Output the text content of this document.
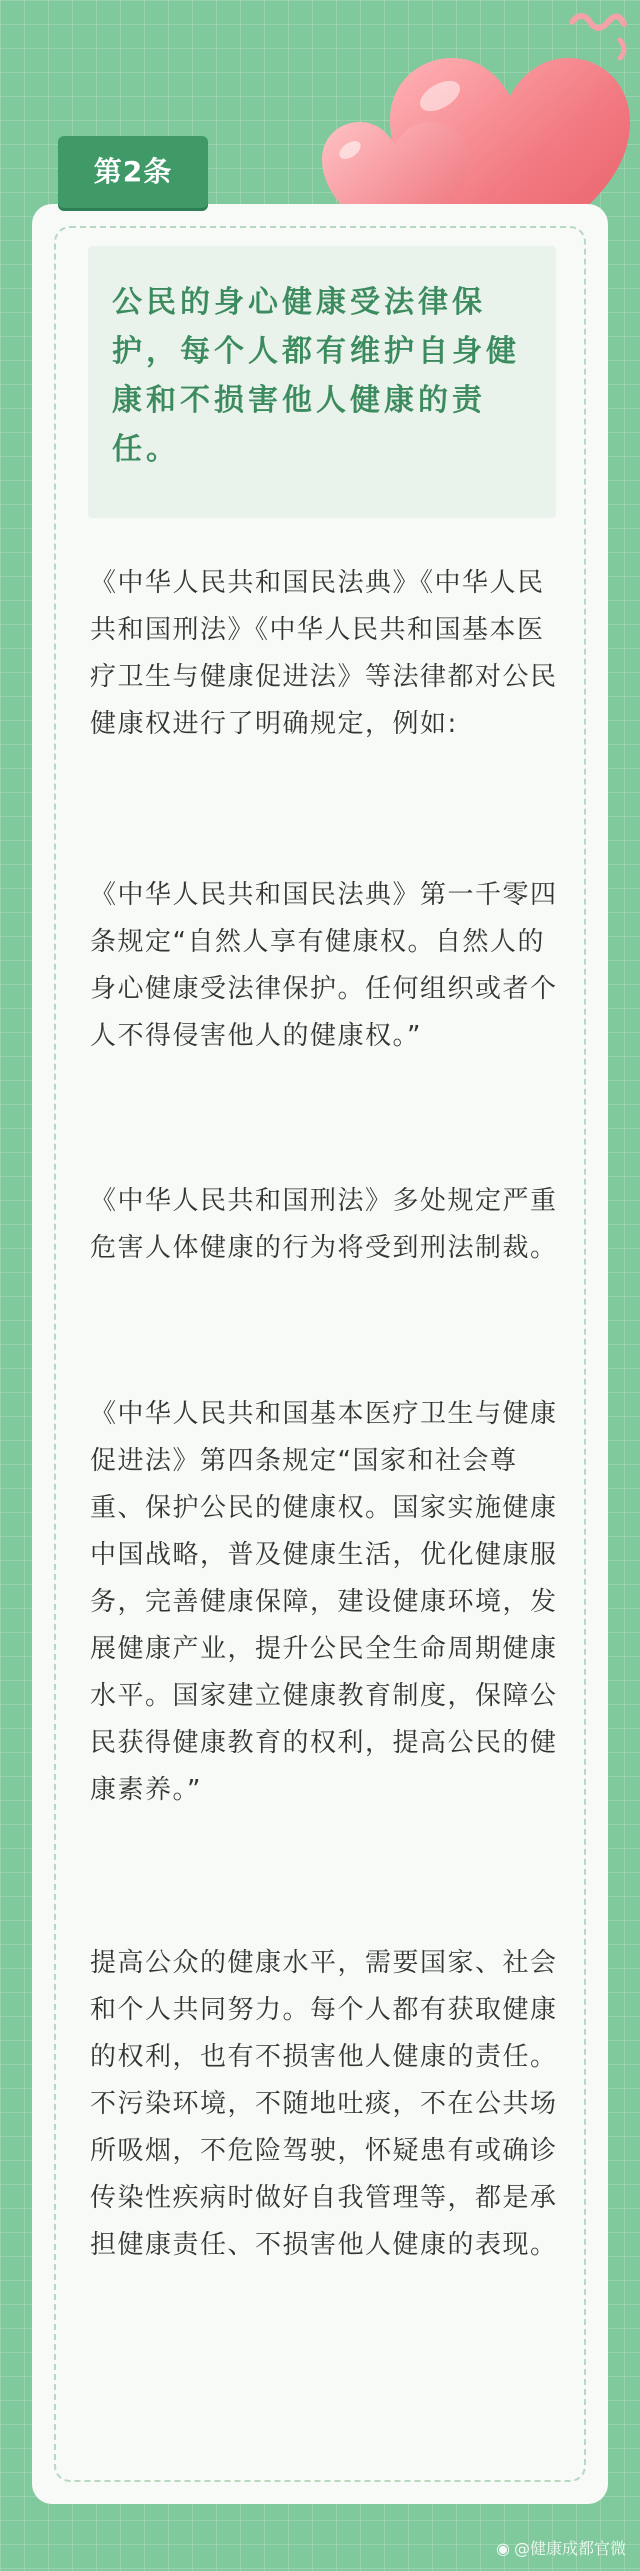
第2条

公民的身心健康受法律保护，每个人都有维护自身健康和不损害他人健康的责任。

《中华人民共和国民法典》《中华人民共和国刑法》《中华人民共和国基本医疗卫生与健康促进法》等法律都对公民健康权进行了明确规定，例如:

《中华人民共和国民法典》第一千零四条规定“自然人享有健康权。自然人的身心健康受法律保护。任何组织或者个人不得侵害他人的健康权。”

《中华人民共和国刑法》多处规定严重危害人体健康的行为将受到刑法制裁。

《中华人民共和国基本医疗卫生与健康促进法》第四条规定“国家和社会尊重、保护公民的健康权。国家实施健康中国战略，普及健康生活，优化健康服务，完善健康保障，建设健康环境，发展健康产业，提升公民全生命周期健康水平。国家建立健康教育制度，保障公民获得健康教育的权利，提高公民的健康素养。”

提高公众的健康水平，需要国家、社会和个人共同努力。每个人都有获取健康的权利，也有不损害他人健康的责任。不污染环境，不随地吐痰，不在公共场所吸烟，不危险驾驶，怀疑患有或确诊传染性疾病时做好自我管理等，都是承担健康责任、不损害他人健康的表现。

◉ @健康成都官微
